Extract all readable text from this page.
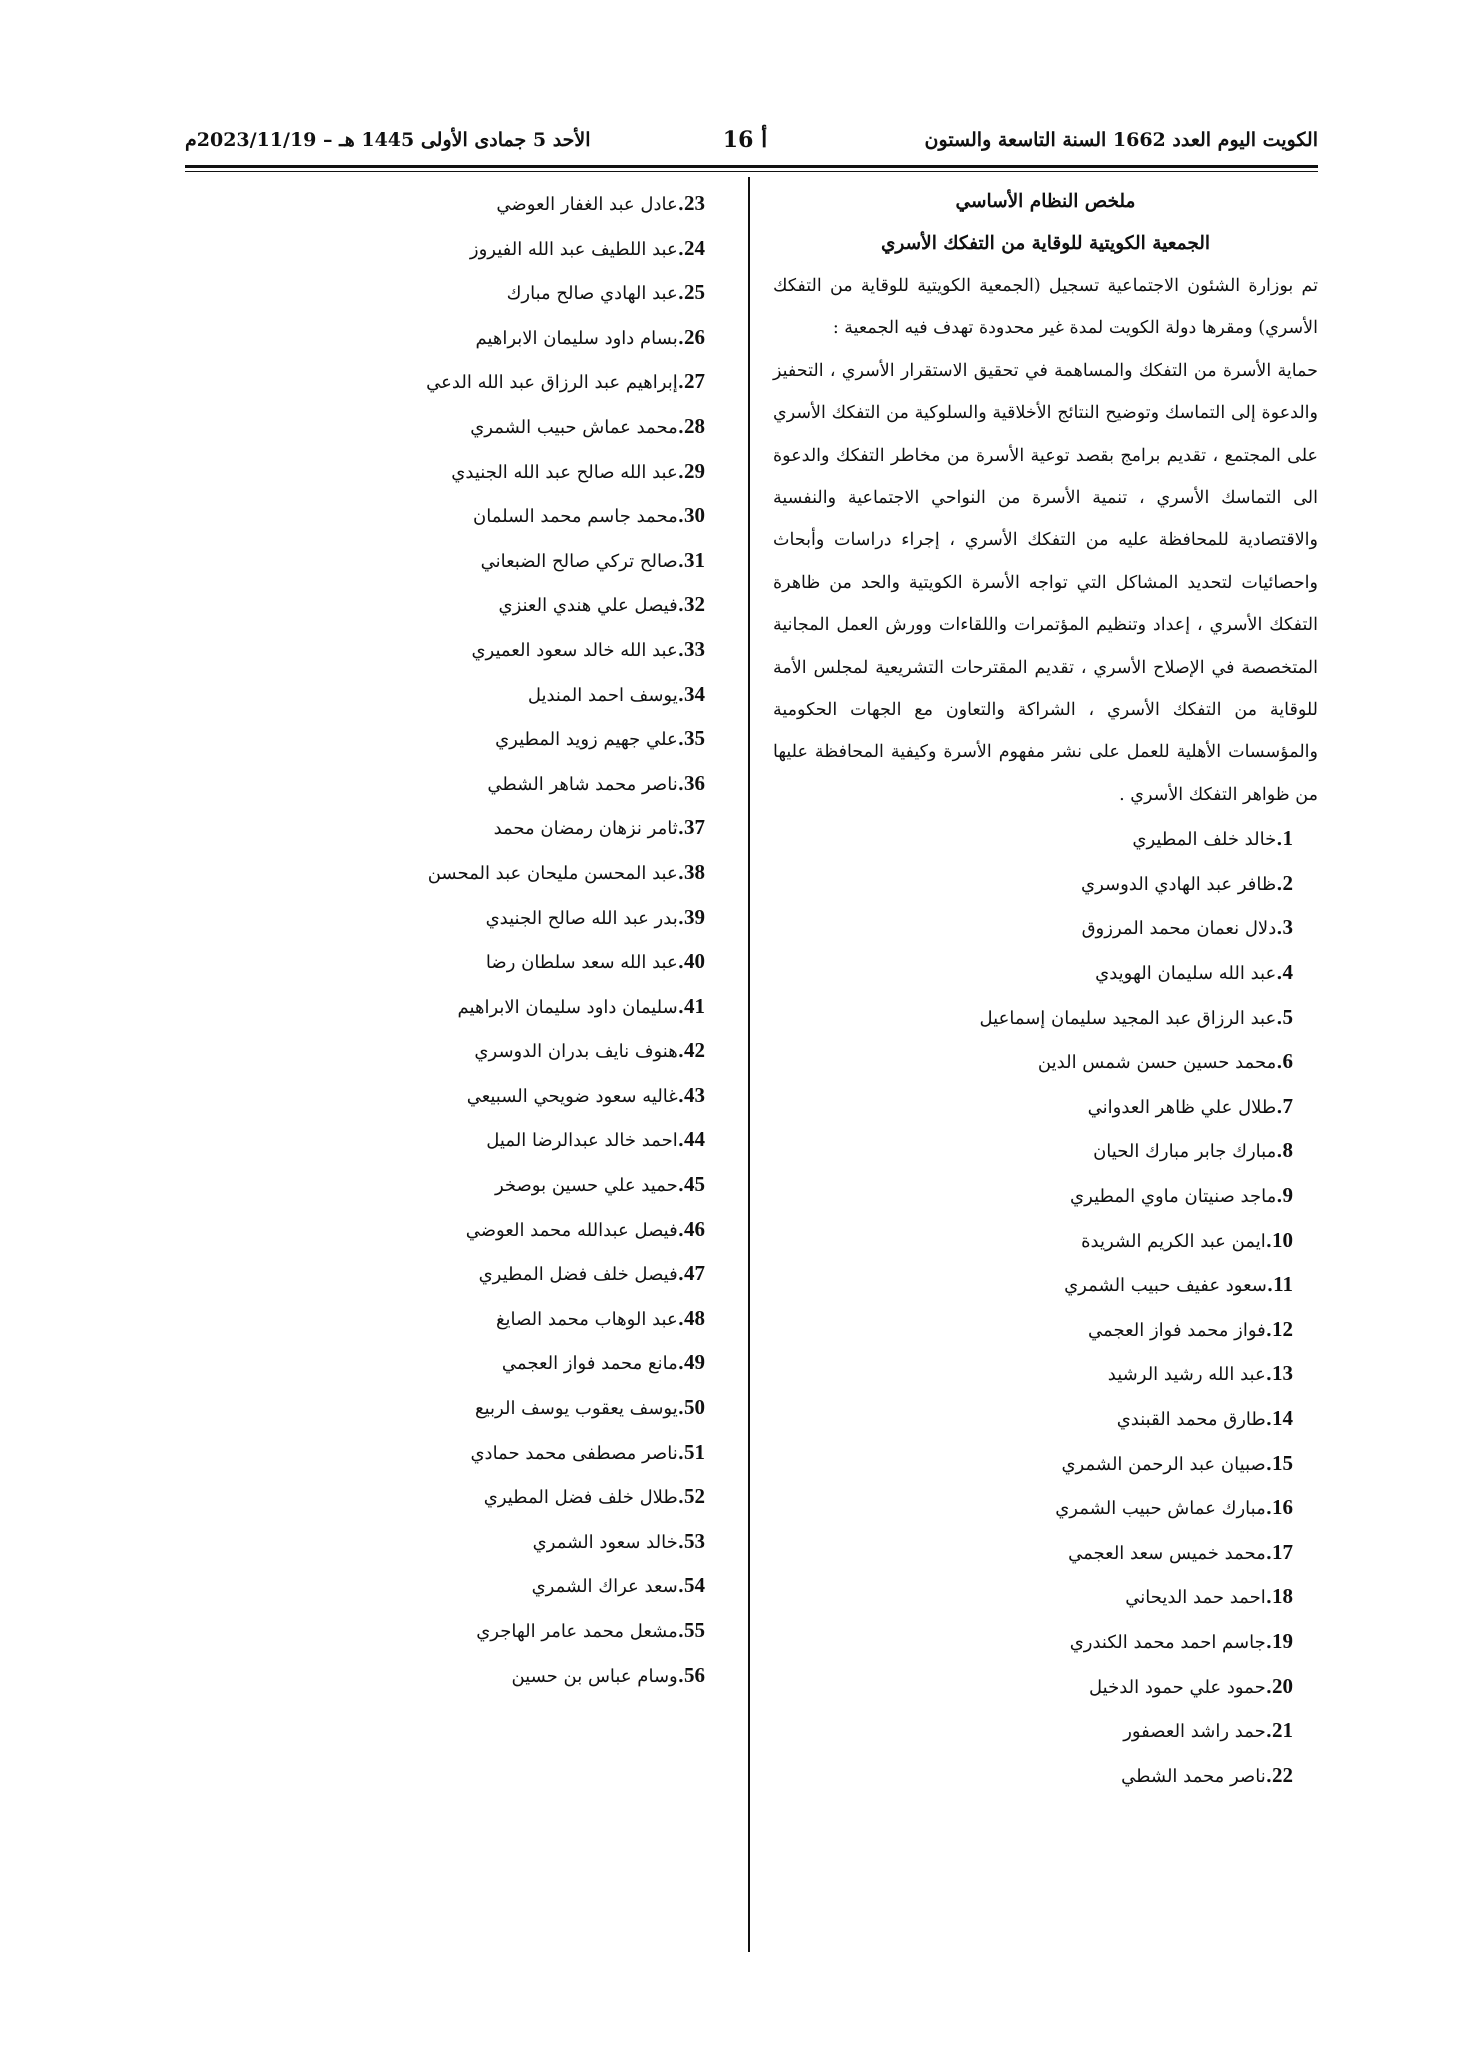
الكويت اليوم العدد 1662 السنة التاسعة والستون
أ 16
الأحد 5 جمادى الأولى 1445 هـ – 2023/11/19م
ملخص النظام الأساسي
الجمعية الكويتية للوقاية من التفكك الأسري

تم بوزارة الشئون الاجتماعية تسجيل (الجمعية الكويتية للوقاية من التفكك الأسري) ومقرها دولة الكويت لمدة غير محدودة تهدف فيه الجمعية :

حماية الأسرة من التفكك والمساهمة في تحقيق الاستقرار الأسري ، التحفيز والدعوة إلى التماسك وتوضيح النتائج الأخلاقية والسلوكية من التفكك الأسري على المجتمع ، تقديم برامج بقصد توعية الأسرة من مخاطر التفكك والدعوة الى التماسك الأسري ، تنمية الأسرة من النواحي الاجتماعية والنفسية والاقتصادية للمحافظة عليه من التفكك الأسري ، إجراء دراسات وأبحاث واحصائيات لتحديد المشاكل التي تواجه الأسرة الكويتية والحد من ظاهرة التفكك الأسري ، إعداد وتنظيم المؤتمرات واللقاءات وورش العمل المجانية المتخصصة في الإصلاح الأسري ، تقديم المقترحات التشريعية لمجلس الأمة للوقاية من التفكك الأسري ، الشراكة والتعاون مع الجهات الحكومية والمؤسسات الأهلية للعمل على نشر مفهوم الأسرة وكيفية المحافظة عليها من ظواهر التفكك الأسري .

1.خالد خلف المطيري
2.ظافر عبد الهادي الدوسري
3.دلال نعمان محمد المرزوق
4.عبد الله سليمان الهويدي
5.عبد الرزاق عبد المجيد سليمان إسماعيل
6.محمد حسين حسن شمس الدين
7.طلال علي ظاهر العدواني
8.مبارك جابر مبارك الحيان
9.ماجد صنيتان ماوي المطيري
10.ايمن عبد الكريم الشريدة
11.سعود عفيف حبيب الشمري
12.فواز محمد فواز العجمي
13.عبد الله رشيد الرشيد
14.طارق محمد القبندي
15.صبيان عبد الرحمن الشمري
16.مبارك عماش حبيب الشمري
17.محمد خميس سعد العجمي
18.احمد حمد الديحاني
19.جاسم احمد محمد الكندري
20.حمود علي حمود الدخيل
21.حمد راشد العصفور
22.ناصر محمد الشطي
23.عادل عبد الغفار العوضي
24.عبد اللطيف عبد الله الفيروز
25.عبد الهادي صالح مبارك
26.بسام داود سليمان الابراهيم
27.إبراهيم عبد الرزاق عبد الله الدعي
28.محمد عماش حبيب الشمري
29.عبد الله صالح عبد الله الجنيدي
30.محمد جاسم محمد السلمان
31.صالح تركي صالح الضبعاني
32.فيصل علي هندي العنزي
33.عبد الله خالد سعود العميري
34.يوسف احمد المنديل
35.علي جهيم زويد المطيري
36.ناصر محمد شاهر الشطي
37.ثامر نزهان رمضان محمد
38.عبد المحسن مليحان عبد المحسن
39.بدر عبد الله صالح الجنيدي
40.عبد الله سعد سلطان رضا
41.سليمان داود سليمان الابراهيم
42.هنوف نايف بدران الدوسري
43.غاليه سعود ضويحي السبيعي
44.احمد خالد عبدالرضا الميل
45.حميد علي حسين بوصخر
46.فيصل عبدالله محمد العوضي
47.فيصل خلف فضل المطيري
48.عبد الوهاب محمد الصايغ
49.مانع محمد فواز العجمي
50.يوسف يعقوب يوسف الربيع
51.ناصر مصطفى محمد حمادي
52.طلال خلف فضل المطيري
53.خالد سعود الشمري
54.سعد عراك الشمري
55.مشعل محمد عامر الهاجري
56.وسام عباس بن حسين
